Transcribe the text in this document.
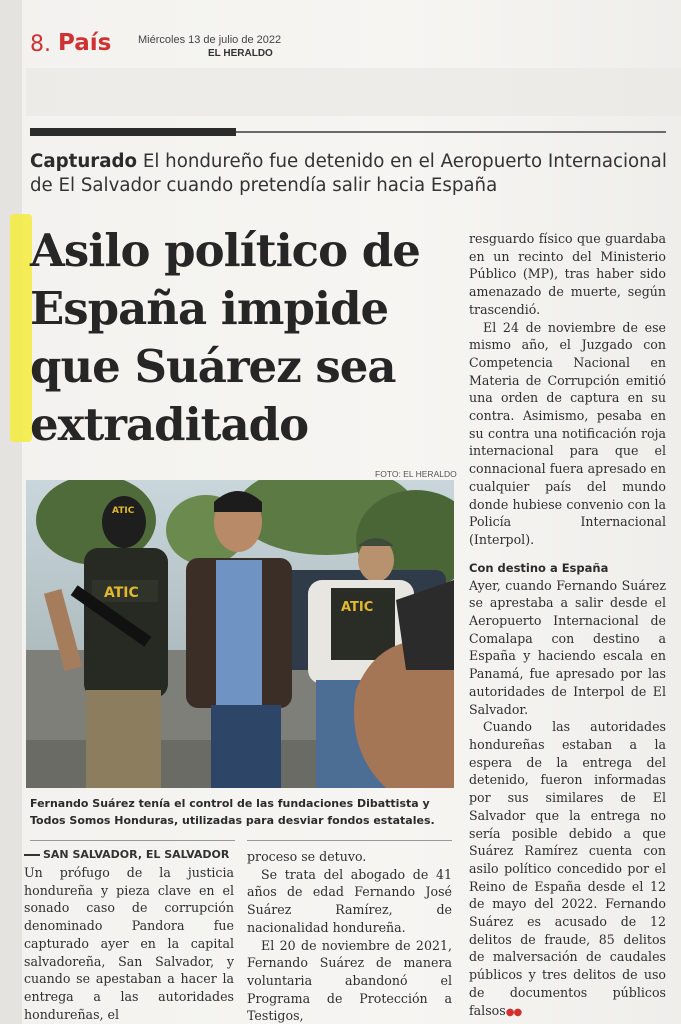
8. País Miércoles 13 de julio de 2022
EL HERALDO
Capturado El hondureño fue detenido en el Aeropuerto Internacional de El Salvador cuando pretendía salir hacia España
Asilo político de
España impide
que Suárez sea
extraditado
FOTO: EL HERALDO
ATIC
ATIC
ATIC

Fernando Suárez tenía el control de las fundaciones Dibattista y Todos Somos Honduras, utilizadas para desviar fondos estatales.

SAN SALVADOR, EL SALVADOR

Un prófugo de la justicia hondureña y pieza clave en el sonado caso de corrupción denominado Pandora fue capturado ayer en la capital salvadoreña, San Salvador, y cuando se apestaban a hacer la entrega a las autoridades hondureñas, el

proceso se detuvo.

Se trata del abogado de 41 años de edad Fernando José Suárez Ramírez, de nacionalidad hondureña.

El 20 de noviembre de 2021, Fernando Suárez de manera voluntaria abandonó el Programa de Protección a Testigos,

resguardo físico que guardaba en un recinto del Ministerio Público (MP), tras haber sido amenazado de muerte, según trascendió.

El 24 de noviembre de ese mismo año, el Juzgado con Competencia Nacional en Materia de Corrupción emitió una orden de captura en su contra. Asimismo, pesaba en su contra una notificación roja internacional para que el connacional fuera apresado en cualquier país del mundo donde hubiese convenio con la Policía Internacional (Interpol).

Con destino a España

Ayer, cuando Fernando Suárez se aprestaba a salir desde el Aeropuerto Internacional de Comalapa con destino a España y haciendo escala en Panamá, fue apresado por las autoridades de Interpol de El Salvador.

Cuando las autoridades hondureñas estaban a la espera de la entrega del detenido, fueron informadas por sus similares de El Salvador que la entrega no sería posible debido a que Suárez Ramírez cuenta con asilo político concedido por el Reino de España desde el 12 de mayo del 2022. Fernando Suárez es acusado de 12 delitos de fraude, 85 delitos de malversación de caudales públicos y tres delitos de uso de documentos públicos falsos●●
